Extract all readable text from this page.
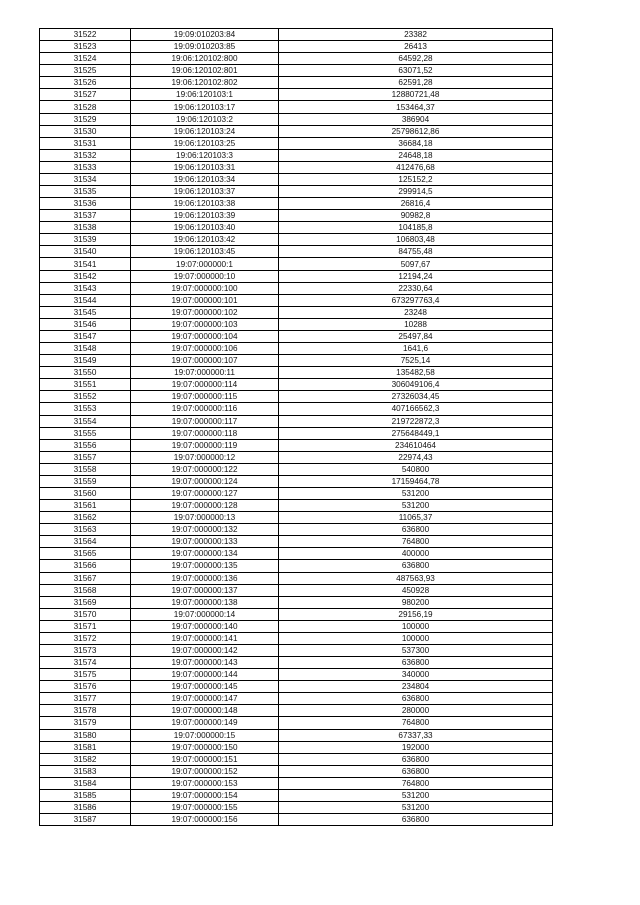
31522	19:09:010203:84	23382
31523	19:09:010203:85	26413
31524	19:06:120102:800	64592,28
31525	19:06:120102:801	63071,52
31526	19:06:120102:802	62591,28
31527	19:06:120103:1	12880721,48
31528	19:06:120103:17	153464,37
31529	19:06:120103:2	386904
31530	19:06:120103:24	25798612,86
31531	19:06:120103:25	36684,18
31532	19:06:120103:3	24648,18
31533	19:06:120103:31	412476,68
31534	19:06:120103:34	125152,2
31535	19:06:120103:37	299914,5
31536	19:06:120103:38	26816,4
31537	19:06:120103:39	90982,8
31538	19:06:120103:40	104185,8
31539	19:06:120103:42	106803,48
31540	19:06:120103:45	84755,48
31541	19:07:000000:1	5097,67
31542	19:07:000000:10	12194,24
31543	19:07:000000:100	22330,64
31544	19:07:000000:101	673297763,4
31545	19:07:000000:102	23248
31546	19:07:000000:103	10288
31547	19:07:000000:104	25497,84
31548	19:07:000000:106	1641,6
31549	19:07:000000:107	7525,14
31550	19:07:000000:11	135482,58
31551	19:07:000000:114	306049106,4
31552	19:07:000000:115	27326034,45
31553	19:07:000000:116	407166562,3
31554	19:07:000000:117	219722872,3
31555	19:07:000000:118	275648449,1
31556	19:07:000000:119	234610464
31557	19:07:000000:12	22974,43
31558	19:07:000000:122	540800
31559	19:07:000000:124	17159464,78
31560	19:07:000000:127	531200
31561	19:07:000000:128	531200
31562	19:07:000000:13	11065,37
31563	19:07:000000:132	636800
31564	19:07:000000:133	764800
31565	19:07:000000:134	400000
31566	19:07:000000:135	636800
31567	19:07:000000:136	487563,93
31568	19:07:000000:137	450928
31569	19:07:000000:138	980200
31570	19:07:000000:14	29156,19
31571	19:07:000000:140	100000
31572	19:07:000000:141	100000
31573	19:07:000000:142	537300
31574	19:07:000000:143	636800
31575	19:07:000000:144	340000
31576	19:07:000000:145	234804
31577	19:07:000000:147	636800
31578	19:07:000000:148	280000
31579	19:07:000000:149	764800
31580	19:07:000000:15	67337,33
31581	19:07:000000:150	192000
31582	19:07:000000:151	636800
31583	19:07:000000:152	636800
31584	19:07:000000:153	764800
31585	19:07:000000:154	531200
31586	19:07:000000:155	531200
31587	19:07:000000:156	636800
